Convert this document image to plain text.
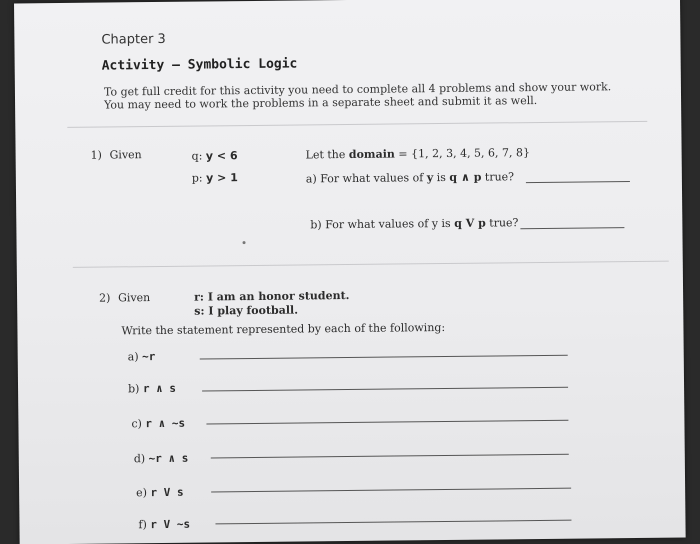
Chapter 3
Activity – Symbolic Logic
To get full credit for this activity you need to complete all 4 problems and show your work. You may need to work the problems in a separate sheet and submit it as well.
1) Given	q: y < 6
p: y > 1
Let the domain = {1, 2, 3, 4, 5, 6, 7, 8}
a) For what values of y is q ∧ p true?
b) For what values of y is q V p true?
2) Given	r: I am an honor student.
s: I play football.
Write the statement represented by each of the following:
a) ~r
b) r ∧ s
c) r ∧ ~s
d) ~r ∧ s
e) r V s
f) r V ~s
